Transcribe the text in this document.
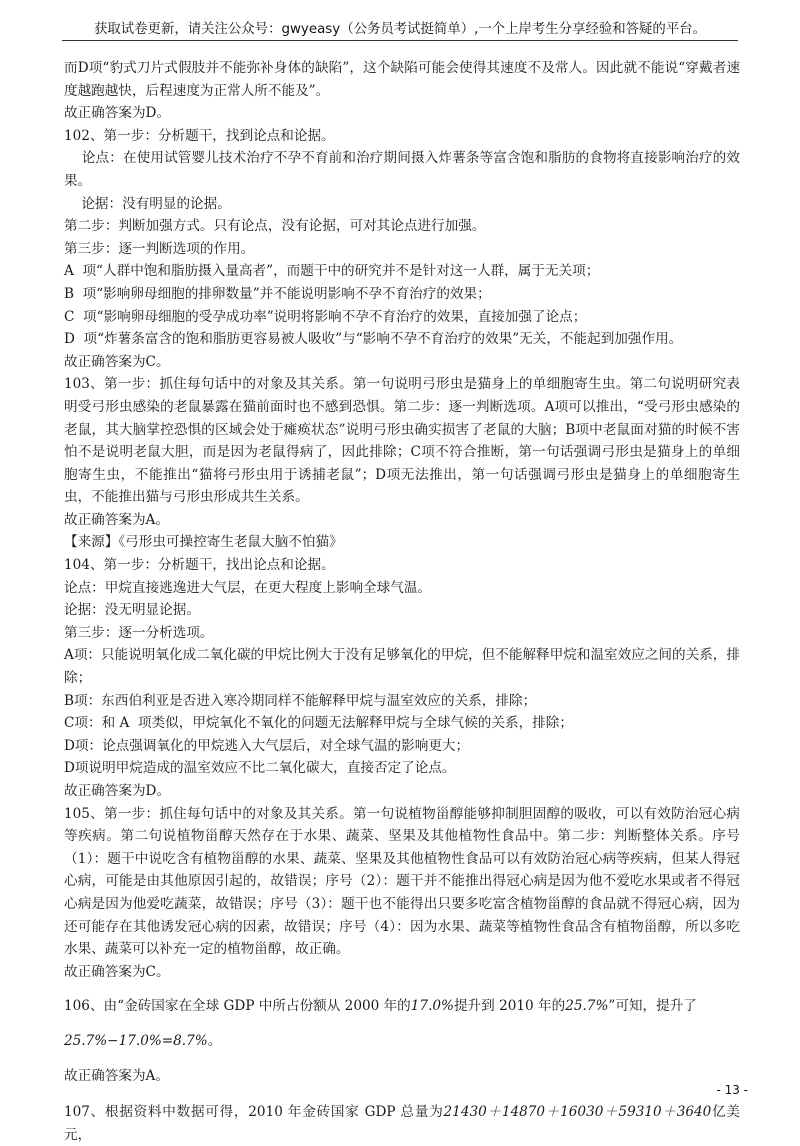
获取试卷更新，请关注公众号：gwyeasy（公务员考试挺简单）,一个上岸考生分享经验和答疑的平台。

而D项“豹式刀片式假肢并不能弥补身体的缺陷”，这个缺陷可能会使得其速度不及常人。因此就不能说“穿戴者速度越跑越快，后程速度为正常人所不能及”。

故正确答案为D。

102、第一步：分析题干，找到论点和论据。

论点：在使用试管婴儿技术治疗不孕不育前和治疗期间摄入炸薯条等富含饱和脂肪的食物将直接影响治疗的效果。

论据：没有明显的论据。

第二步：判断加强方式。只有论点，没有论据，可对其论点进行加强。

第三步：逐一判断选项的作用。

A  项“人群中饱和脂肪摄入量高者”，而题干中的研究并不是针对这一人群，属于无关项；

B  项“影响卵母细胞的排卵数量”并不能说明影响不孕不育治疗的效果；

C  项“影响卵母细胞的受孕成功率”说明将影响不孕不育治疗的效果，直接加强了论点；

D  项“炸薯条富含的饱和脂肪更容易被人吸收”与“影响不孕不育治疗的效果”无关，不能起到加强作用。

故正确答案为C。

103、第一步：抓住每句话中的对象及其关系。第一句说明弓形虫是猫身上的单细胞寄生虫。第二句说明研究表明受弓形虫感染的老鼠暴露在猫前面时也不感到恐惧。第二步：逐一判断选项。A项可以推出，“受弓形虫感染的老鼠，其大脑掌控恐惧的区域会处于瘫痪状态”说明弓形虫确实损害了老鼠的大脑；B项中老鼠面对猫的时候不害怕不是说明老鼠大胆，而是因为老鼠得病了，因此排除；C项不符合推断，第一句话强调弓形虫是猫身上的单细胞寄生虫，不能推出“猫将弓形虫用于诱捕老鼠”；D项无法推出，第一句话强调弓形虫是猫身上的单细胞寄生虫，不能推出猫与弓形虫形成共生关系。

故正确答案为A。

【来源】《弓形虫可操控寄生老鼠大脑不怕猫》

104、第一步：分析题干，找出论点和论据。

论点：甲烷直接逃逸进大气层，在更大程度上影响全球气温。

论据：没无明显论据。

第三步：逐一分析选项。

A项：只能说明氧化成二氧化碳的甲烷比例大于没有足够氧化的甲烷，但不能解释甲烷和温室效应之间的关系，排除；

B项：东西伯利亚是否进入寒冷期同样不能解释甲烷与温室效应的关系，排除；

C项：和 A  项类似，甲烷氧化不氧化的问题无法解释甲烷与全球气候的关系，排除；

D项：论点强调氧化的甲烷逃入大气层后，对全球气温的影响更大；

D项说明甲烷造成的温室效应不比二氧化碳大，直接否定了论点。

故正确答案为D。

105、第一步：抓住每句话中的对象及其关系。第一句说植物甾醇能够抑制胆固醇的吸收，可以有效防治冠心病等疾病。第二句说植物甾醇天然存在于水果、蔬菜、坚果及其他植物性食品中。第二步：判断整体关系。序号（1）：题干中说吃含有植物甾醇的水果、蔬菜、坚果及其他植物性食品可以有效防治冠心病等疾病，但某人得冠心病，可能是由其他原因引起的，故错误；序号（2）：题干并不能推出得冠心病是因为他不爱吃水果或者不得冠心病是因为他爱吃蔬菜，故错误；序号（3）：题干也不能得出只要多吃富含植物甾醇的食品就不得冠心病，因为还可能存在其他诱发冠心病的因素，故错误；序号（4）：因为水果、蔬菜等植物性食品含有植物甾醇，所以多吃水果、蔬菜可以补充一定的植物甾醇，故正确。

故正确答案为C。

106、由“金砖国家在全球 GDP 中所占份额从 2000 年的17.0%提升到 2010 年的25.7%”可知，提升了

25.7%−17.0%=8.7%。

故正确答案为A。

107、根据资料中数据可得，2010 年金砖国家 GDP 总量为21430＋14870＋16030＋59310＋3640亿美元，

- 13 -
